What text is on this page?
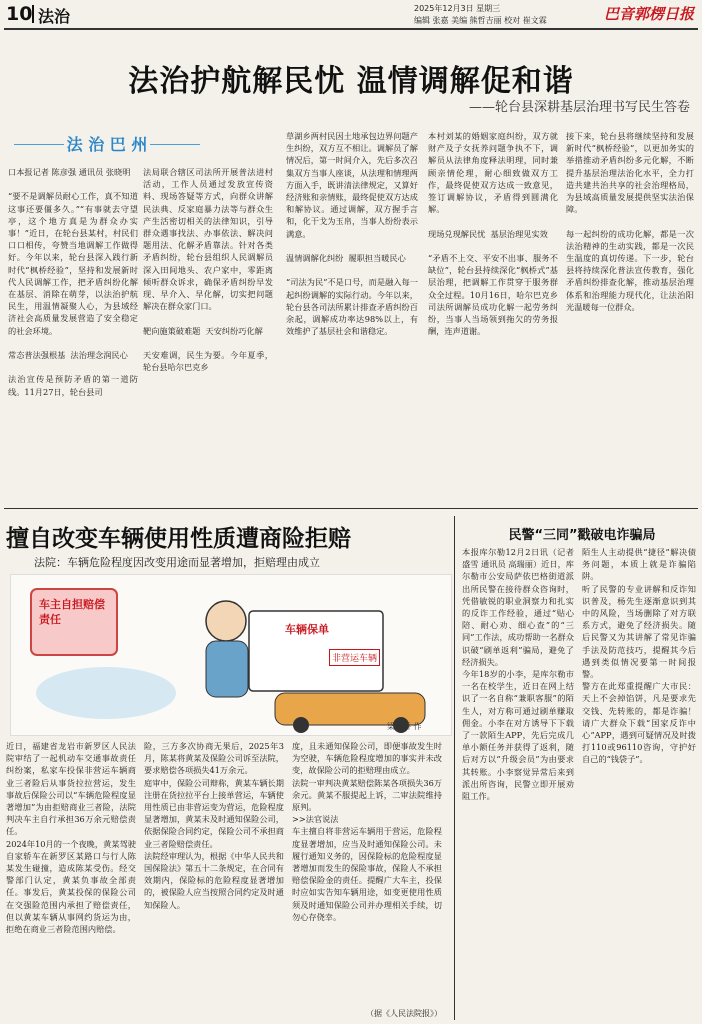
10 法治	2025年12月3日 星期三
编辑 张嘉 美编 熊哲吉丽 校对 崔文霖	巴音郭楞日报
法治护航解民忧 温情调解促和谐
——轮台县深耕基层治理书写民生答卷
法 治 巴 州
口本报记者 陈彦强 通讯员 张晓明

“要不是调解员耐心工作，真不知道这事还要僵多久。”“有事就去守望亭，这个地方真是为群众办实事！”近日，在轮台县某村，村民们口口相传，夸赞当地调解工作做得好。今年以来，轮台县深入践行新时代“枫桥经验”，坚持和发展新时代人民调解工作，把矛盾纠纷化解在基层、消除在萌芽，以法治护航民生，用温情凝聚人心，为县域经济社会高质量发展营造了安全稳定的社会环境。

常态普法强根基  法治理念润民心

法治宣传是预防矛盾的第一道防线。11月27日，轮台县司
法局联合辖区司法所开展普法进村活动，工作人员通过发放宣传资料、现场答疑等方式，向群众讲解民法典、反家庭暴力法等与群众生产生活密切相关的法律知识，引导群众遇事找法、办事依法、解决问题用法、化解矛盾靠法。针对各类矛盾纠纷，轮台县组织人民调解员深入田间地头、农户家中，零距离倾听群众诉求，确保矛盾纠纷早发现、早介入、早化解，切实把问题解决在群众家门口。

靶向施策破难题  天安纠纷巧化解

天安难调，民生为要。今年夏季，轮台县哈尔巴克乡
草湖乡两村民因土地承包边界问题产生纠纷，双方互不相让。调解员了解情况后，第一时间介入，先后多次召集双方当事人座谈，从法理和情理两方面入手，既讲清法律规定，又算好经济账和亲情账，最终促使双方达成和解协议。通过调解，双方握手言和，化干戈为玉帛，当事人纷纷表示满意。

温情调解化纠纷  履职担当暖民心

“司法为民”不是口号，而是融入每一起纠纷调解的实际行动。今年以来，轮台县各司法所累计排查矛盾纠纷百余起，调解成功率达98%以上，有效维护了基层社会和谐稳定。
本村刘某的婚姻家庭纠纷，双方就财产及子女抚养问题争执不下，调解员从法律角度释法明理，同时兼顾亲情伦理，耐心细致做双方工作，最终促使双方达成一致意见，签订调解协议，矛盾得到圆满化解。

现场兑现解民忧  基层治理见实效

“矛盾不上交、平安不出事、服务不缺位”，轮台县持续深化“枫桥式”基层治理，把调解工作贯穿于服务群众全过程。10月16日，哈尔巴克乡司法所调解员成功化解一起劳务纠纷，当事人当场领到拖欠的劳务报酬，连声道谢。
接下来，轮台县将继续坚持和发展新时代“枫桥经验”，以更加务实的举措推动矛盾纠纷多元化解，不断提升基层治理法治化水平，全力打造共建共治共享的社会治理格局，为县域高质量发展提供坚实法治保障。

每一起纠纷的成功化解，都是一次法治精神的生动实践，都是一次民生温度的真切传递。下一步，轮台县将持续深化普法宣传教育，强化矛盾纠纷排查化解，推动基层治理体系和治理能力现代化，让法治阳光温暖每一位群众。
擅自改变车辆使用性质遭商险拒赔
法院：车辆危险程度因改变用途而显著增加，拒赔理由成立
车主自担赔偿责任
车辆保单
非营运车辆
梁心桥 作
近日，福建省龙岩市新罗区人民法院审结了一起机动车交通事故责任纠纷案，私家车投保非营运车辆商业三者险后从事货拉拉营运，发生事故后保险公司以“车辆危险程度显著增加”为由拒赔商业三者险，法院判决车主自行承担36万余元赔偿责任。
2024年10月的一个夜晚，黄某驾驶自家轿车在新罗区某路口与行人陈某发生碰撞，造成陈某受伤。经交警部门认定，黄某负事故全部责任。事发后，黄某投保的保险公司在交强险范围内承担了赔偿责任，但以黄某车辆从事网约货运为由，拒绝在商业三者险范围内赔偿。
险，三方多次协商无果后，2025年3月，陈某将黄某及保险公司诉至法院，要求赔偿各项损失41万余元。
庭审中，保险公司辩称，黄某车辆长期注册在货拉拉平台上接单营运，车辆使用性质已由非营运变为营运，危险程度显著增加，黄某未及时通知保险公司，依据保险合同约定，保险公司不承担商业三者险赔偿责任。
法院经审理认为，根据《中华人民共和国保险法》第五十二条规定，在合同有效期内，保险标的危险程度显著增加的，被保险人应当按照合同约定及时通知保险人。
度，且未通知保险公司，即便事故发生时为空驶，车辆危险程度增加的事实并未改变，故保险公司的拒赔理由成立。
法院一审判决黄某赔偿陈某各项损失36万余元。黄某不服提起上诉，二审法院维持原判。
>>法官说法
车主擅自将非营运车辆用于营运，危险程度显著增加，应当及时通知保险公司。未履行通知义务的，因保险标的危险程度显著增加而发生的保险事故，保险人不承担赔偿保险金的责任。提醒广大车主，投保时应如实告知车辆用途，如变更使用性质须及时通知保险公司并办理相关手续，切勿心存侥幸。
（据《人民法院报》）
民警“三同”戳破电诈骗局
本报库尔勒12月2日讯（记者 盛雪 通讯员 高瑞丽）近日，库尔勒市公安局萨依巴格街道派出所民警在接待群众咨询时，凭借敏锐的职业洞察力和扎实的反诈工作经验，通过“贴心陪、耐心劝、细心查”的“三同”工作法，成功帮助一名群众识破“刷单返利”骗局，避免了经济损失。
今年18岁的小李，是库尔勒市一名在校学生，近日在网上结识了一名自称“兼职客服”的陌生人，对方称可通过刷单赚取佣金。小李在对方诱导下下载了一款陌生APP，先后完成几单小额任务并获得了返利，随后对方以“升级会员”为由要求其转账。小李察觉异常后来到派出所咨询，民警立即开展劝阻工作。
陌生人主动提供“捷径”解决债务问题，本质上就是诈骗陷阱。
听了民警的专业讲解和反诈知识普及，杨先生逐渐意识到其中的风险，当场删除了对方联系方式，避免了经济损失。随后民警又为其讲解了常见诈骗手法及防范技巧，提醒其今后遇到类似情况要第一时间报警。
警方在此郑重提醒广大市民：天上不会掉馅饼，凡是要求先交钱、先转账的，都是诈骗！请广大群众下载“国家反诈中心”APP，遇到可疑情况及时拨打110或96110咨询，守护好自己的“钱袋子”。
